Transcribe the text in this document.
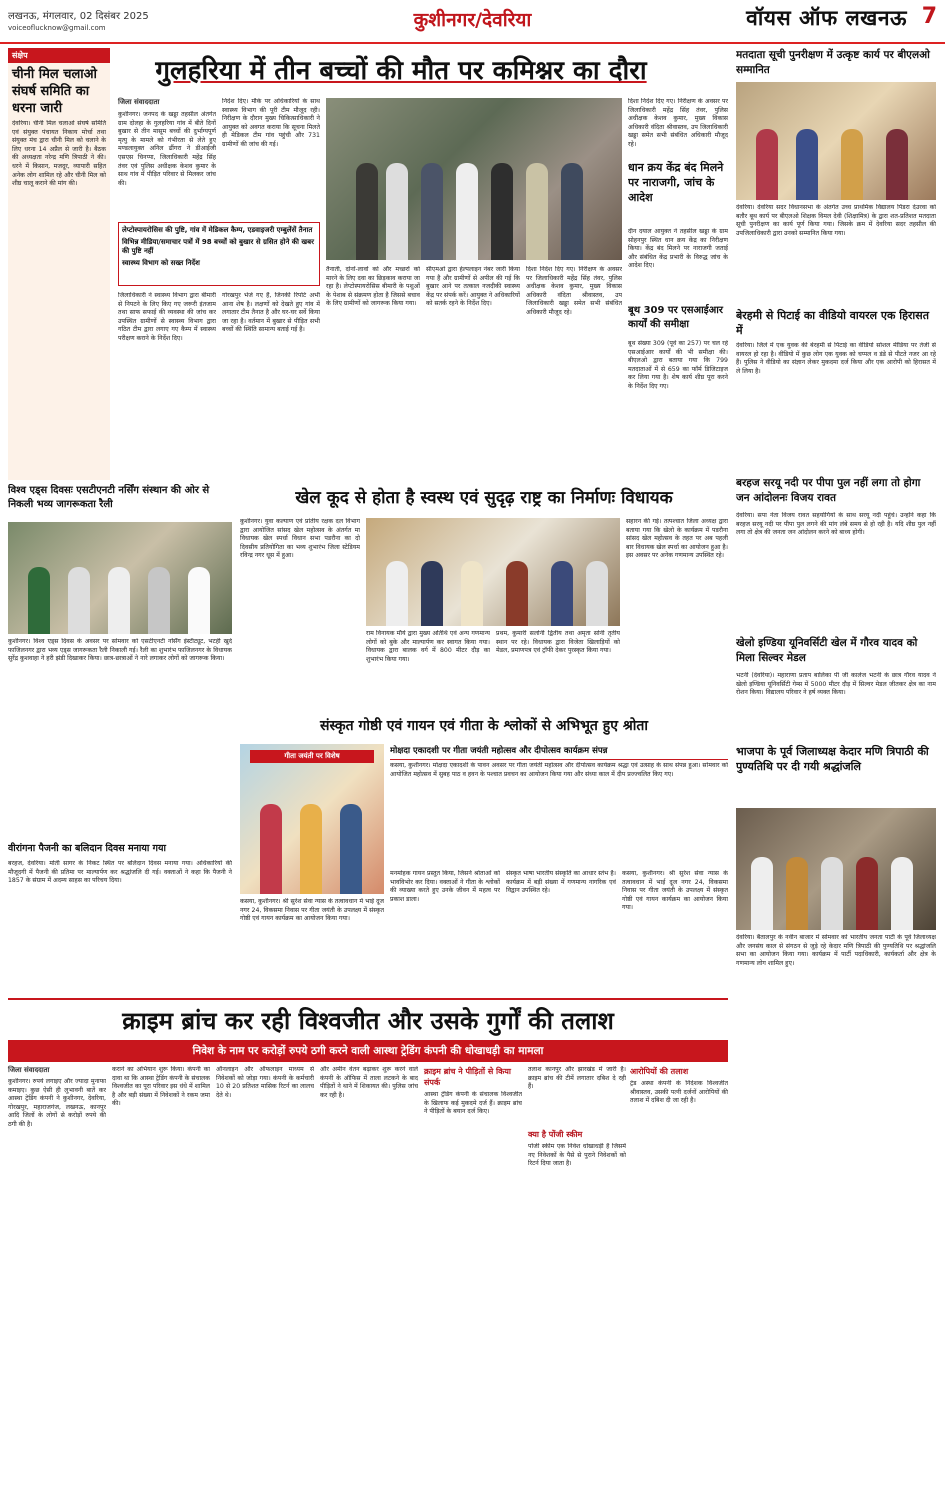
लखनऊ, मंगलवार, 02 दिसंबर 2025
voiceoflucknow@gmail.com	कुशीनगर/देवरिया	वॉयस ऑफ लखनऊ 7
संक्षेप
चीनी मिल चलाओ संघर्ष समिति का धरना जारी
देवरिया। चीनी मिल चलाओ संघर्ष समिति एवं संयुक्त पंचायत निकाय मोर्चा तथा संयुक्त मंच द्वारा चीनी मिल को चलाने के लिए धरना 14 अप्रैल से जारी है। बैठक की अध्यक्षता नरेन्द्र मणि त्रिपाठी ने की। धरने में किसान, मजदूर, व्यापारी सहित अनेक लोग शामिल रहे और चीनी मिल को शीघ्र चालू कराने की मांग की।
गुलहरिया में तीन बच्चों की मौत पर कमिश्नर का दौरा
जिला संवाददाता
कुशीनगर। जनपद के खड्डा तहसील अंतर्गत ग्राम दोलहा के गुलहरिया गांव में बीते दिनों बुखार से तीन मासूम बच्चों की दुर्भाग्यपूर्ण मृत्यु के मामले को गंभीरता से लेते हुए मण्डलायुक्त अनिल ढींगरा ने डीआईजी एसएस चिनप्पा, जिलाधिकारी महेंद्र सिंह तंवर एवं पुलिस अधीक्षक केशव कुमार के साथ गांव में पीड़ित परिवार से मिलकर जांच की।
निर्देश दिए। मौके पर अधिकारियों के साथ स्वास्थ्य विभाग की पूरी टीम मौजूद रही। निरीक्षण के दौरान मुख्य चिकित्साधिकारी ने आयुक्त को अवगत कराया कि सूचना मिलते ही मेडिकल टीम गांव पहुंची और 731 ग्रामीणों की जांच की गई।
लेप्टोस्पायरोसिस की पुष्टि, गांव में मेडिकल कैम्प, एडवाइजरी एम्बुलेंसें तैनात
विभिन्न मीडिया/समाचार पत्रों में 98 बच्चों को बुखार से ग्रसित होने की खबर की पुष्टि नहीं
स्वास्थ्य विभाग को सख्त निर्देश
जिलाधिकारी ने स्वास्थ्य विभाग द्वारा बीमारी से निपटने के लिए किए गए जरूरी इंतजाम तथा साफ सफाई की व्यवस्था की जांच कर उपस्थित ग्रामीणों से स्वास्थ्य विभाग द्वारा गठित टीम द्वारा लगाए गए कैम्प में स्वास्थ्य परीक्षण कराने के निर्देश दिए।
गोरखपुर भेजे गए हैं, जिनकी रिपोर्ट अभी आना शेष है। लक्षणों को देखते हुए गांव में लगातार टीम तैनात है और घर-घर सर्वे किया जा रहा है। वर्तमान में बुखार से पीड़ित सभी बच्चों की स्थिति सामान्य बताई गई है।
तैनाती, दोनों-लार्वा को और मच्छरों को मारने के लिए दवा का छिड़काव कराया जा रहा है। लेप्टोस्पायरोसिस बीमारी के पशुओं के पेशाब से संक्रमण होता है जिससे बचाव के लिए ग्रामीणों को जागरूक किया गया।
सीएमओ द्वारा हेल्पलाइन नंबर जारी किया गया है और ग्रामीणों से अपील की गई कि बुखार आने पर तत्काल नजदीकी स्वास्थ्य केंद्र पर संपर्क करें। आयुक्त ने अधिकारियों को सतर्क रहने के निर्देश दिए।
दिशा निर्देश दिए गए। निरीक्षण के अवसर पर जिलाधिकारी महेंद्र सिंह तंवर, पुलिस अधीक्षक केशव कुमार, मुख्य विकास अधिकारी वंदिता श्रीवास्तव, उप जिलाधिकारी खड्डा समेत सभी संबंधित अधिकारी मौजूद रहे।
दिशा निर्देश दिए गए। निरीक्षण के अवसर पर जिलाधिकारी महेंद्र सिंह तंवर, पुलिस अधीक्षक केशव कुमार, मुख्य विकास अधिकारी वंदिता श्रीवास्तव, उप जिलाधिकारी खड्डा समेत सभी संबंधित अधिकारी मौजूद रहे।
धान क्रय केंद्र बंद मिलने पर नाराजगी, जांच के आदेश
दीन दयाल आयुक्त ने तहसील खड्डा के ग्राम सोहनपुर स्थित धान क्रय केंद्र का निरीक्षण किया। केंद्र बंद मिलने पर नाराजगी जताई और संबंधित केंद्र प्रभारी के विरुद्ध जांच के आदेश दिए।
बूथ 309 पर एसआईआर कार्यों की समीक्षा
बूथ संख्या 309 (पूर्व का 257) पर चल रहे एसआईआर कार्यों की भी समीक्षा की। बीएलओ द्वारा बताया गया कि 799 मतदाताओं में से 659 का फॉर्म डिजिटाइज कर लिया गया है। शेष कार्य शीघ्र पूरा करने के निर्देश दिए गए।
मतदाता सूची पुनरीक्षण में उत्कृष्ट कार्य पर बीएलओ सम्मानित
देवरिया। देवरिया सदर विधानसभा के अंतर्गत उच्च प्राथमिक विद्यालय पिंडरा देउरवा को बतौर बूथ कार्य पर बीएलओ शिक्षक विमल देवी (शिक्षामित्र) के द्वारा शत-प्रतिशत मतदाता सूची पुनरीक्षण का कार्य पूर्ण किया गया। जिसके क्रम में देवरिया सदर तहसील की उपजिलाधिकारी द्वारा उनको सम्मानित किया गया।
बेरहमी से पिटाई का वीडियो वायरल एक हिरासत में
देवरिया। जिले में एक युवक की बेरहमी से पिटाई का वीडियो सोशल मीडिया पर तेजी से वायरल हो रहा है। वीडियो में कुछ लोग एक युवक को चप्पल व डंडे से पीटते नजर आ रहे हैं। पुलिस ने वीडियो का संज्ञान लेकर मुकदमा दर्ज किया और एक आरोपी को हिरासत में ले लिया है।
बरहज सरयू नदी पर पीपा पुल नहीं लगा तो होगा जन आंदोलनः विजय रावत
देवरिया। सपा नेता विजय रावत सहयोगियों के साथ सरयू नदी पहुंचे। उन्होंने कहा कि बरहज सरयू नदी पर पीपा पुल लगने की मांग लंबे समय से हो रही है। यदि शीघ्र पुल नहीं लगा तो क्षेत्र की जनता जन आंदोलन करने को बाध्य होगी।
खेलो इण्डिया यूनिवर्सिटी खेल में गौरव यादव को मिला सिल्वर मेडल
भटनी (देवरिया)। महाराणा प्रताप बालिका पी जी कालेज भटनी के छात्र गौरव यादव ने खेलो इण्डिया यूनिवर्सिटी गेम्स में 5000 मीटर दौड़ में सिल्वर मेडल जीतकर क्षेत्र का नाम रोशन किया। विद्यालय परिवार ने हर्ष व्यक्त किया।
भाजपा के पूर्व जिलाध्यक्ष केदार मणि त्रिपाठी की पुण्यतिथि पर दी गयी श्रद्धांजलि
विश्व एड्स दिवसः एसटीएनटी नर्सिंग संस्थान की ओर से निकली भव्य जागरूकता रैली
कुशीनगर। विश्व एड्स दिवस के अवसर पर सोमवार को एसटीएनटी नर्सिंग इंस्टीट्यूट, भटही खुर्द फाजिलनगर द्वारा भव्य एड्स जागरूकता रैली निकाली गई। रैली का शुभारंभ फाजिलनगर के विधायक सुरेंद्र कुशवाहा ने हरी झंडी दिखाकर किया। छात्र-छात्राओं ने नारे लगाकर लोगों को जागरूक किया।
वीरांगना पैजनी का बलिदान दिवस मनाया गया
बरहज, देवरिया। मोती सागर के निकट स्थित पर बलिदान दिवस मनाया गया। अधिकारियों की मौजूदगी में पैजनी की प्रतिमा पर माल्यार्पण कर श्रद्धांजलि दी गई। वक्ताओं ने कहा कि पैजनी ने 1857 के संग्राम में अदम्य साहस का परिचय दिया।
खेल कूद से होता है स्वस्थ एवं सुदृढ़ राष्ट्र का निर्माणः विधायक
कुशीनगर। युवा कल्याण एवं प्रांतीय रक्षक दल विभाग द्वारा आयोजित सांसद खेल महोत्सव के अंतर्गत मा विधायक खेल स्पर्धा विधान सभा पडरौना का दो दिवसीय प्रतियोगिता का भव्य शुभारंभ जिला स्टेडियम रविन्द्र नगर धूस में हुआ।
राम विनायक मौर्य द्वारा मुख्य अतिथि एवं अन्य गणमान्य लोगों को बुके और माल्यार्पण कर स्वागत किया गया। विधायक द्वारा बालक वर्ग में 800 मीटर दौड़ का शुभारंभ किया गया।
प्रथम, कुमारी सलोनी द्वितीय तथा अमृता सोनी तृतीय स्थान पर रहे। विधायक द्वारा विजेता खिलाड़ियों को मेडल, प्रमाणपत्र एवं ट्रॉफी देकर पुरस्कृत किया गया।
सहारन की गई। तत्पश्चात जिला अध्यक्ष द्वारा बताया गया कि खेलो के कार्यक्रम में पडरौना सांसद खेल महोत्सव के तहत पर अब पहली बार विधायक खेल स्पर्धा का आयोजन हुआ है। इस अवसर पर अनेक गणमान्य उपस्थित रहे।
संस्कृत गोष्ठी एवं गायन एवं गीता के श्लोकों से अभिभूत हुए श्रोता
गीता जयंती पर विशेष
कसया, कुशीनगर। श्री सुरेश सेवा न्यास के तत्वावधान में भाई दूज नगर 24, विकसमा निवास पर गीता जयंती के उपलक्ष्य में संस्कृत गोष्ठी एवं गायन कार्यक्रम का आयोजन किया गया।
मनमोहक गायन प्रस्तुत किया, जिसने श्रोताओं को भावविभोर कर दिया। वक्ताओं ने गीता के श्लोकों की व्याख्या करते हुए उनके जीवन में महत्व पर प्रकाश डाला।
संस्कृत भाषा भारतीय संस्कृति का आधार स्तंभ है। कार्यक्रम में बड़ी संख्या में गणमान्य नागरिक एवं विद्वान उपस्थित रहे।
मोक्षदा एकादशी पर गीता जयंती महोत्सव और दीपोत्सव कार्यक्रम संपन्न
कसया, कुशीनगर। मोक्षदा एकादशी के पावन अवसर पर गीता जयंती महोत्सव और दीपोत्सव कार्यक्रम श्रद्धा एवं उत्साह के साथ संपन्न हुआ। सोमवार को आयोजित महोत्सव में सुबह पाठ व हवन के पश्चात प्रवचन का आयोजन किया गया और संध्या काल में दीप प्रज्ज्वलित किए गए।
कसया, कुशीनगर। श्री सुरेश सेवा न्यास के तत्वावधान में भाई दूज नगर 24, विकसमा निवास पर गीता जयंती के उपलक्ष्य में संस्कृत गोष्ठी एवं गायन कार्यक्रम का आयोजन किया गया।
क्राइम ब्रांच कर रही विश्वजीत और उसके गुर्गों की तलाश
निवेश के नाम पर करोड़ों रुपये ठगी करने वाली आस्था ट्रेडिंग कंपनी की धोखाधड़ी का मामला
जिला संवाददाता
कुशीनगर। रुपये लगाइए और ज्यादा मुनाफा कमाइए। कुछ ऐसी ही लुभावनी बातें कर आस्था ट्रेडिंग कंपनी ने कुशीनगर, देवरिया, गोरखपुर, महाराजगंज, लखनऊ, कानपुर आदि जिलों के लोगों से करोड़ों रुपये की ठगी की है।
कराने का अभियान शुरू किया। कंपनी का दावा था कि आस्था ट्रेडिंग कंपनी के संचालक विश्वजीत का पूरा परिवार इस धंधे में शामिल है और बड़ी संख्या में निवेशकों ने रकम जमा की।
ऑनलाइन और ऑफलाइन माध्यम से निवेशकों को जोड़ा गया। कंपनी के कर्मचारी 10 से 20 प्रतिशत मासिक रिटर्न का लालच देते थे।
और अमीन वेतन बढ़ाकर शुरू करने वाले कंपनी के ऑफिस में ताला लटकने के बाद पीड़ितों ने थाने में शिकायत की। पुलिस जांच कर रही है।
क्राइम ब्रांच ने पीड़ितों से किया संपर्क
आस्था ट्रेडिंग कंपनी के संचालक विश्वजीत के खिलाफ कई मुकदमे दर्ज हैं। क्राइम ब्रांच ने पीड़ितों के बयान दर्ज किए।
तलाश कानपुर और झारखंड में जारी है। क्राइम ब्रांच की टीमें लगातार दबिश दे रही हैं।
क्या है पोंजी स्कीम
पोंजी स्कीम एक निवेश धोखाधड़ी है जिसमें नए निवेशकों के पैसे से पुराने निवेशकों को रिटर्न दिया जाता है।
आरोपियों की तलाश
ट्रेड अस्था कंपनी के निदेशक विश्वजीत श्रीवास्तव, उसकी पत्नी दर्जनों आरोपियों की तलाश में दबिश दी जा रही है।
देवरिया। बैतालपुर के नवीन बाजार में सोमवार को भारतीय जनता पार्टी के पूर्व जिलाध्यक्ष और जनसंघ काल से संगठन से जुड़े रहे केदार मणि त्रिपाठी की पुण्यतिथि पर श्रद्धांजलि सभा का आयोजन किया गया। कार्यक्रम में पार्टी पदाधिकारी, कार्यकर्ता और क्षेत्र के गणमान्य लोग शामिल हुए।
